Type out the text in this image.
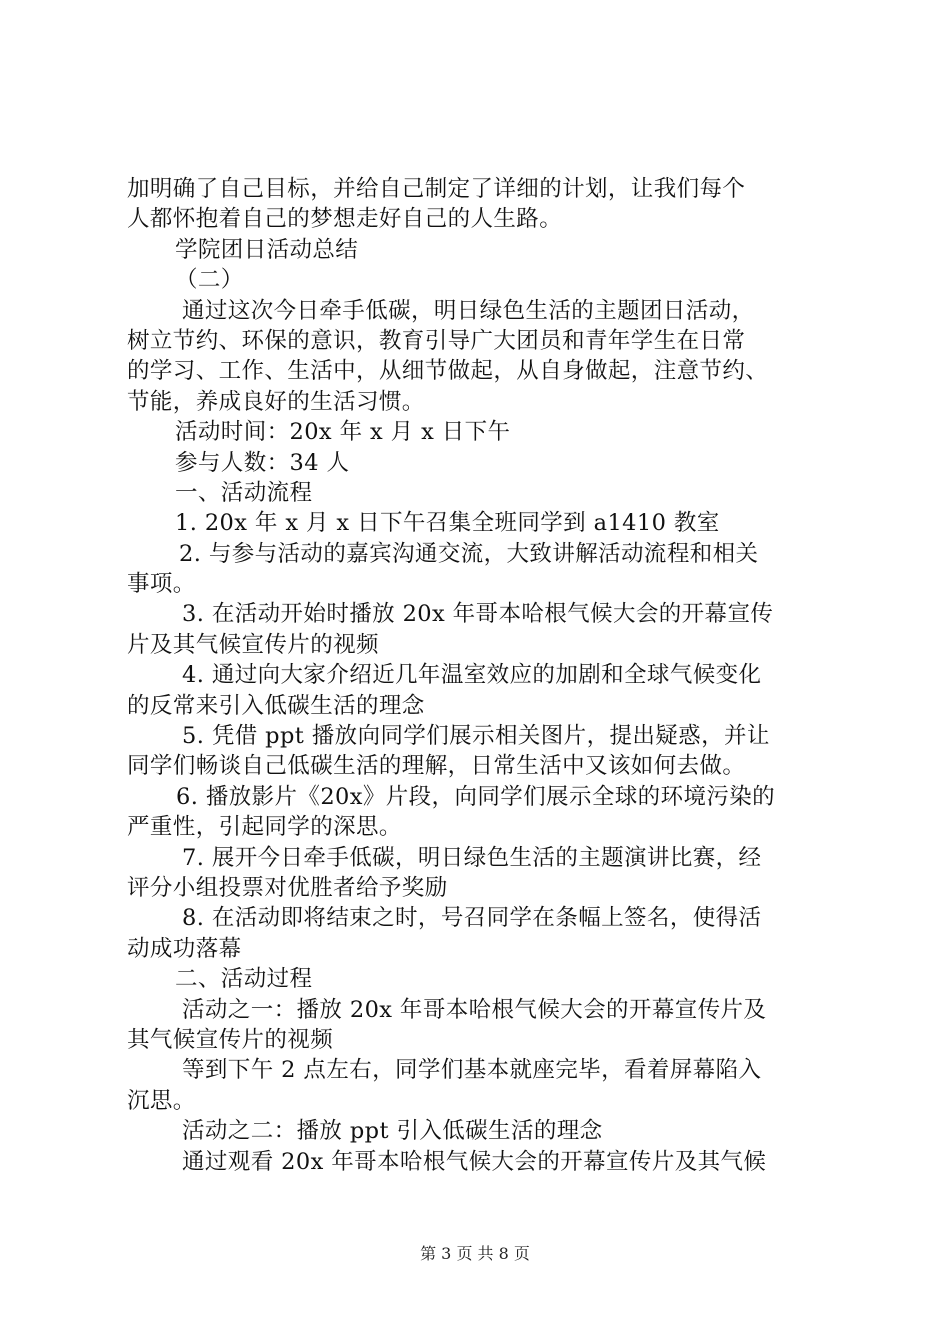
加明确了自己目标，并给自己制定了详细的计划，让我们每个
人都怀抱着自己的梦想走好自己的人生路。
学院团日活动总结
（二）
通过这次今日牵手低碳，明日绿色生活的主题团日活动，
树立节约、环保的意识，教育引导广大团员和青年学生在日常
的学习、工作、生活中，从细节做起，从自身做起，注意节约、
节能，养成良好的生活习惯。
活动时间：20x 年 x 月 x 日下午
参与人数：34 人
一、活动流程
1. 20x 年 x 月 x 日下午召集全班同学到 a1410 教室
2. 与参与活动的嘉宾沟通交流，大致讲解活动流程和相关
事项。
3. 在活动开始时播放 20x 年哥本哈根气候大会的开幕宣传
片及其气候宣传片的视频
4. 通过向大家介绍近几年温室效应的加剧和全球气候变化
的反常来引入低碳生活的理念
5. 凭借 ppt 播放向同学们展示相关图片，提出疑惑，并让
同学们畅谈自己低碳生活的理解，日常生活中又该如何去做。
6. 播放影片《20x》片段，向同学们展示全球的环境污染的
严重性，引起同学的深思。
7. 展开今日牵手低碳，明日绿色生活的主题演讲比赛，经
评分小组投票对优胜者给予奖励
8. 在活动即将结束之时，号召同学在条幅上签名，使得活
动成功落幕
二、活动过程
活动之一：播放 20x 年哥本哈根气候大会的开幕宣传片及
其气候宣传片的视频
等到下午 2 点左右，同学们基本就座完毕，看着屏幕陷入
沉思。
活动之二：播放 ppt 引入低碳生活的理念
通过观看 20x 年哥本哈根气候大会的开幕宣传片及其气候
第 3 页 共 8 页
